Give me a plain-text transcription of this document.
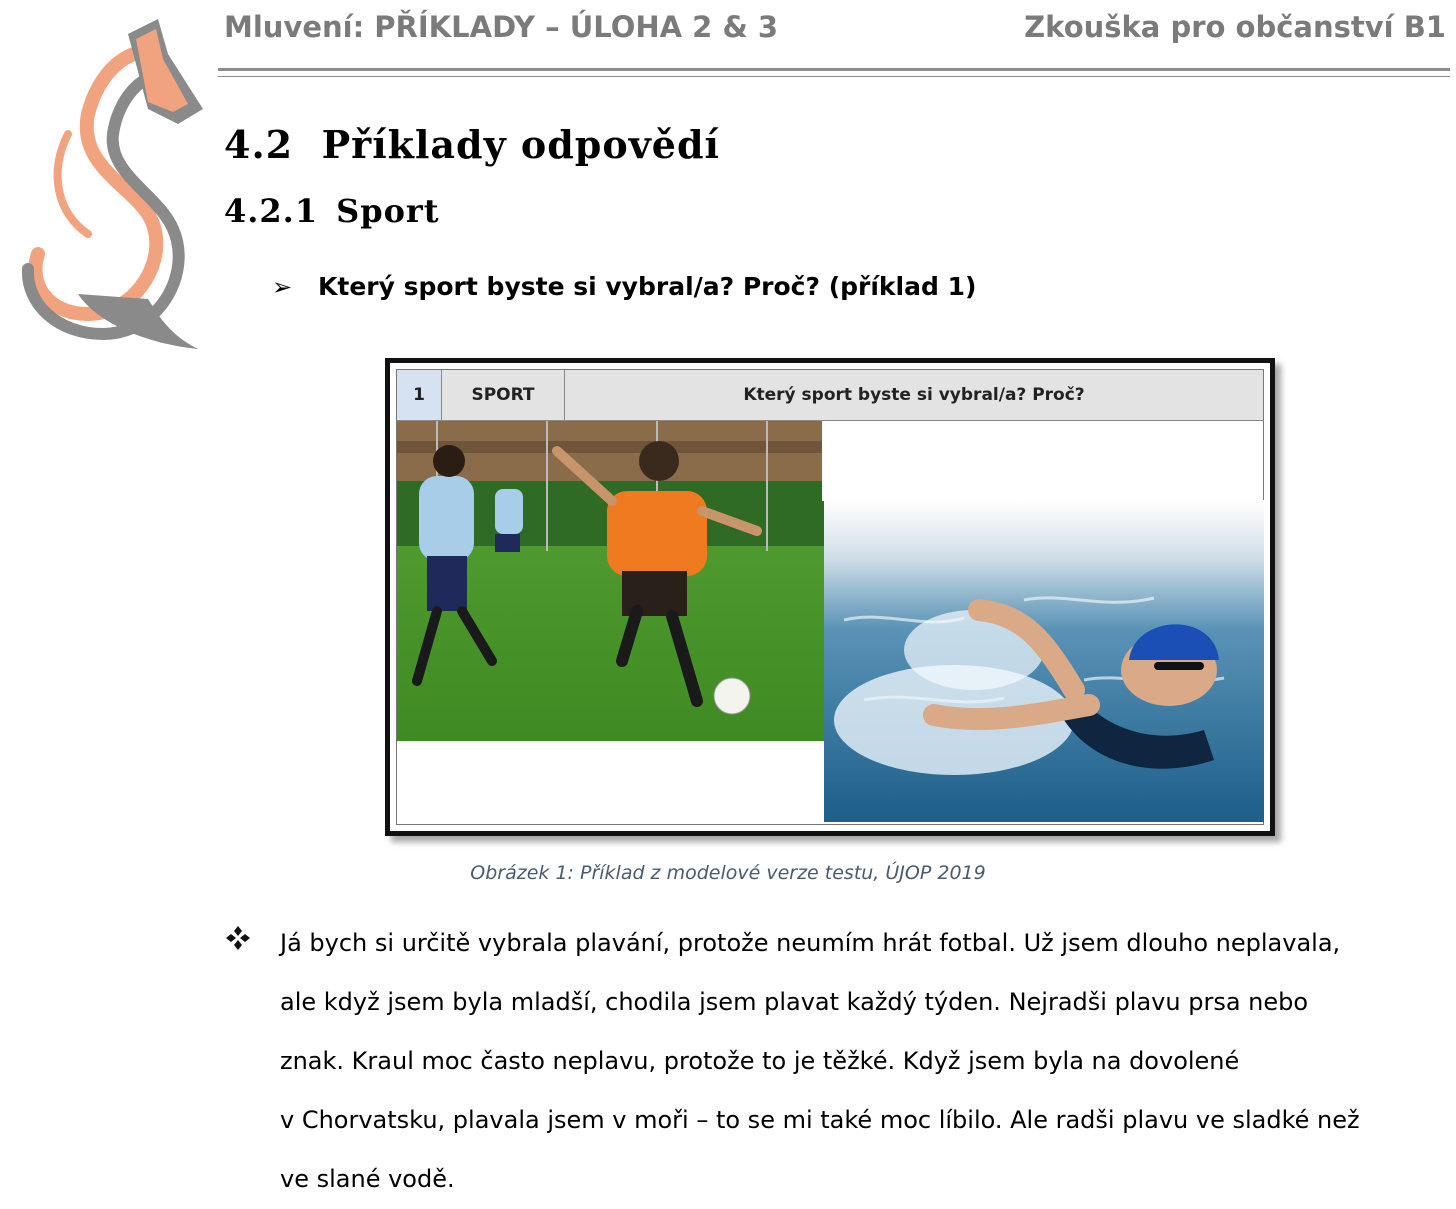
Mluvení: PŘÍKLADY – ÚLOHA 2 & 3	Zkouška pro občanství B1
4.2 Příklady odpovědí
4.2.1 Sport
➢ Který sport byste si vybral/a? Proč? (příklad 1)
1	SPORT	Který sport byste si vybral/a? Proč?
Obrázek 1: Příklad z modelové verze testu, ÚJOP 2019
Já bych si určitě vybrala plavání, protože neumím hrát fotbal. Už jsem dlouho neplavala,
ale když jsem byla mladší, chodila jsem plavat každý týden. Nejradši plavu prsa nebo
znak. Kraul moc často neplavu, protože to je těžké. Když jsem byla na dovolené
v Chorvatsku, plavala jsem v moři – to se mi také moc líbilo. Ale radši plavu ve sladké než
ve slané vodě.
